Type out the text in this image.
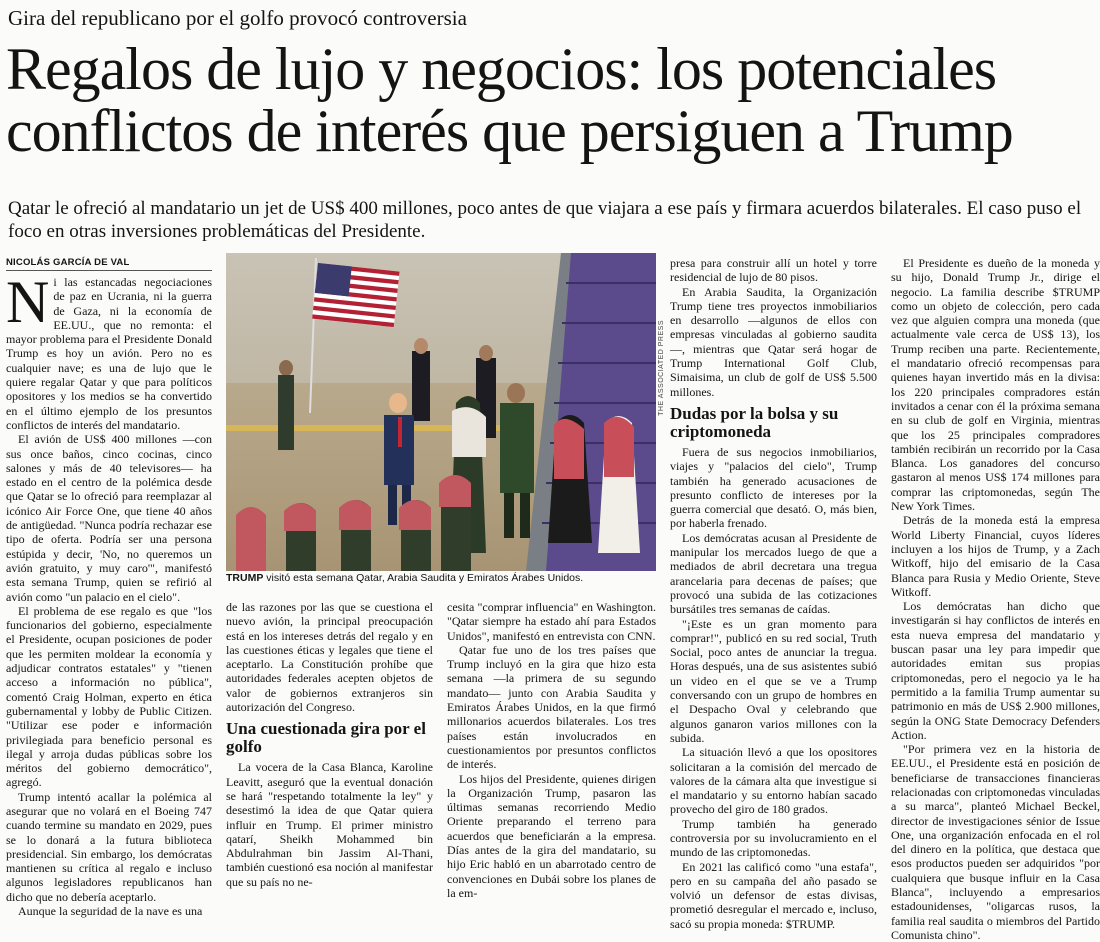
Gira del republicano por el golfo provocó controversia
Regalos de lujo y negocios: los potenciales
conflictos de interés que persiguen a Trump
Qatar le ofreció al mandatario un jet de US$ 400 millones, poco antes de que viajara a ese país y firmara acuerdos bilaterales. El caso puso el foco en otras inversiones problemáticas del Presidente.
NICOLÁS GARCÍA DE VAL

Ni las estancadas negociaciones de paz en Ucrania, ni la guerra de Gaza, ni la economía de EE.UU., que no remonta: el mayor problema para el Presidente Donald Trump es hoy un avión. Pero no es cualquier nave; es una de lujo que le quiere regalar Qatar y que para políticos opositores y los medios se ha convertido en el último ejemplo de los presuntos conflictos de interés del mandatario.

El avión de US$ 400 millones —con sus once baños, cinco cocinas, cinco salones y más de 40 televisores— ha estado en el centro de la polémica desde que Qatar se lo ofreció para reemplazar al icónico Air Force One, que tiene 40 años de antigüedad. "Nunca podría rechazar ese tipo de oferta. Podría ser una persona estúpida y decir, 'No, no queremos un avión gratuito, y muy caro'", manifestó esta semana Trump, quien se refirió al avión como "un palacio en el cielo".

El problema de ese regalo es que "los funcionarios del gobierno, especialmente el Presidente, ocupan posiciones de poder que les permiten moldear la economía y adjudicar contratos estatales" y "tienen acceso a información no pública", comentó Craig Holman, experto en ética gubernamental y lobby de Public Citizen. "Utilizar ese poder e información privilegiada para beneficio personal es ilegal y arroja dudas públicas sobre los méritos del gobierno democrático", agregó.

Trump intentó acallar la polémica al asegurar que no volará en el Boeing 747 cuando termine su mandato en 2029, pues se lo donará a la futura biblioteca presidencial. Sin embargo, los demócratas mantienen su crítica al regalo e incluso algunos legisladores republicanos han dicho que no debería aceptarlo.

Aunque la seguridad de la nave es una

THE ASSOCIATED PRESS
TRUMP visitó esta semana Qatar, Arabia Saudita y Emiratos Árabes Unidos.

de las razones por las que se cuestiona el nuevo avión, la principal preocupación está en los intereses detrás del regalo y en las cuestiones éticas y legales que tiene el aceptarlo. La Constitución prohíbe que autoridades federales acepten objetos de valor de gobiernos extranjeros sin autorización del Congreso.

Una cuestionada gira por el golfo

La vocera de la Casa Blanca, Karoline Leavitt, aseguró que la eventual donación se hará "respetando totalmente la ley" y desestimó la idea de que Qatar quiera influir en Trump. El primer ministro qatarí, Sheikh Mohammed bin Abdulrahman bin Jassim Al-Thani, también cuestionó esa noción al manifestar que su país no ne-

cesita "comprar influencia" en Washington. "Qatar siempre ha estado ahí para Estados Unidos", manifestó en entrevista con CNN.

Qatar fue uno de los tres países que Trump incluyó en la gira que hizo esta semana —la primera de su segundo mandato— junto con Arabia Saudita y Emiratos Árabes Unidos, en la que firmó millonarios acuerdos bilaterales. Los tres países están involucrados en cuestionamientos por presuntos conflictos de interés.

Los hijos del Presidente, quienes dirigen la Organización Trump, pasaron las últimas semanas recorriendo Medio Oriente preparando el terreno para acuerdos que beneficiarán a la empresa. Días antes de la gira del mandatario, su hijo Eric habló en un abarrotado centro de convenciones en Dubái sobre los planes de la em-

presa para construir allí un hotel y torre residencial de lujo de 80 pisos.

En Arabia Saudita, la Organización Trump tiene tres proyectos inmobiliarios en desarrollo —algunos de ellos con empresas vinculadas al gobierno saudita—, mientras que Qatar será hogar de Trump International Golf Club, Simaisima, un club de golf de US$ 5.500 millones.

Dudas por la bolsa y su criptomoneda

Fuera de sus negocios inmobiliarios, viajes y "palacios del cielo", Trump también ha generado acusaciones de presunto conflicto de intereses por la guerra comercial que desató. O, más bien, por haberla frenado.

Los demócratas acusan al Presidente de manipular los mercados luego de que a mediados de abril decretara una tregua arancelaria para decenas de países; que provocó una subida de las cotizaciones bursátiles tres semanas de caídas.

"¡Este es un gran momento para comprar!", publicó en su red social, Truth Social, poco antes de anunciar la tregua. Horas después, una de sus asistentes subió un video en el que se ve a Trump conversando con un grupo de hombres en el Despacho Oval y celebrando que algunos ganaron varios millones con la subida.

La situación llevó a que los opositores solicitaran a la comisión del mercado de valores de la cámara alta que investigue si el mandatario y su entorno habían sacado provecho del giro de 180 grados.

Trump también ha generado controversia por su involucramiento en el mundo de las criptomonedas.

En 2021 las calificó como "una estafa", pero en su campaña del año pasado se volvió un defensor de estas divisas, prometió desregular el mercado e, incluso, sacó su propia moneda: $TRUMP.

El Presidente es dueño de la moneda y su hijo, Donald Trump Jr., dirige el negocio. La familia describe $TRUMP como un objeto de colección, pero cada vez que alguien compra una moneda (que actualmente vale cerca de US$ 13), los Trump reciben una parte. Recientemente, el mandatario ofreció recompensas para quienes hayan invertido más en la divisa: los 220 principales compradores están invitados a cenar con él la próxima semana en su club de golf en Virginia, mientras que los 25 principales compradores también recibirán un recorrido por la Casa Blanca. Los ganadores del concurso gastaron al menos US$ 174 millones para comprar las criptomonedas, según The New York Times.

Detrás de la moneda está la empresa World Liberty Financial, cuyos líderes incluyen a los hijos de Trump, y a Zach Witkoff, hijo del emisario de la Casa Blanca para Rusia y Medio Oriente, Steve Witkoff.

Los demócratas han dicho que investigarán si hay conflictos de interés en esta nueva empresa del mandatario y buscan pasar una ley para impedir que autoridades emitan sus propias criptomonedas, pero el negocio ya le ha permitido a la familia Trump aumentar su patrimonio en más de US$ 2.900 millones, según la ONG State Democracy Defenders Action.

"Por primera vez en la historia de EE.UU., el Presidente está en posición de beneficiarse de transacciones financieras relacionadas con criptomonedas vinculadas a su marca", planteó Michael Beckel, director de investigaciones sénior de Issue One, una organización enfocada en el rol del dinero en la política, que destaca que esos productos pueden ser adquiridos "por cualquiera que busque influir en la Casa Blanca", incluyendo a empresarios estadounidenses, "oligarcas rusos, la familia real saudita o miembros del Partido Comunista chino".
